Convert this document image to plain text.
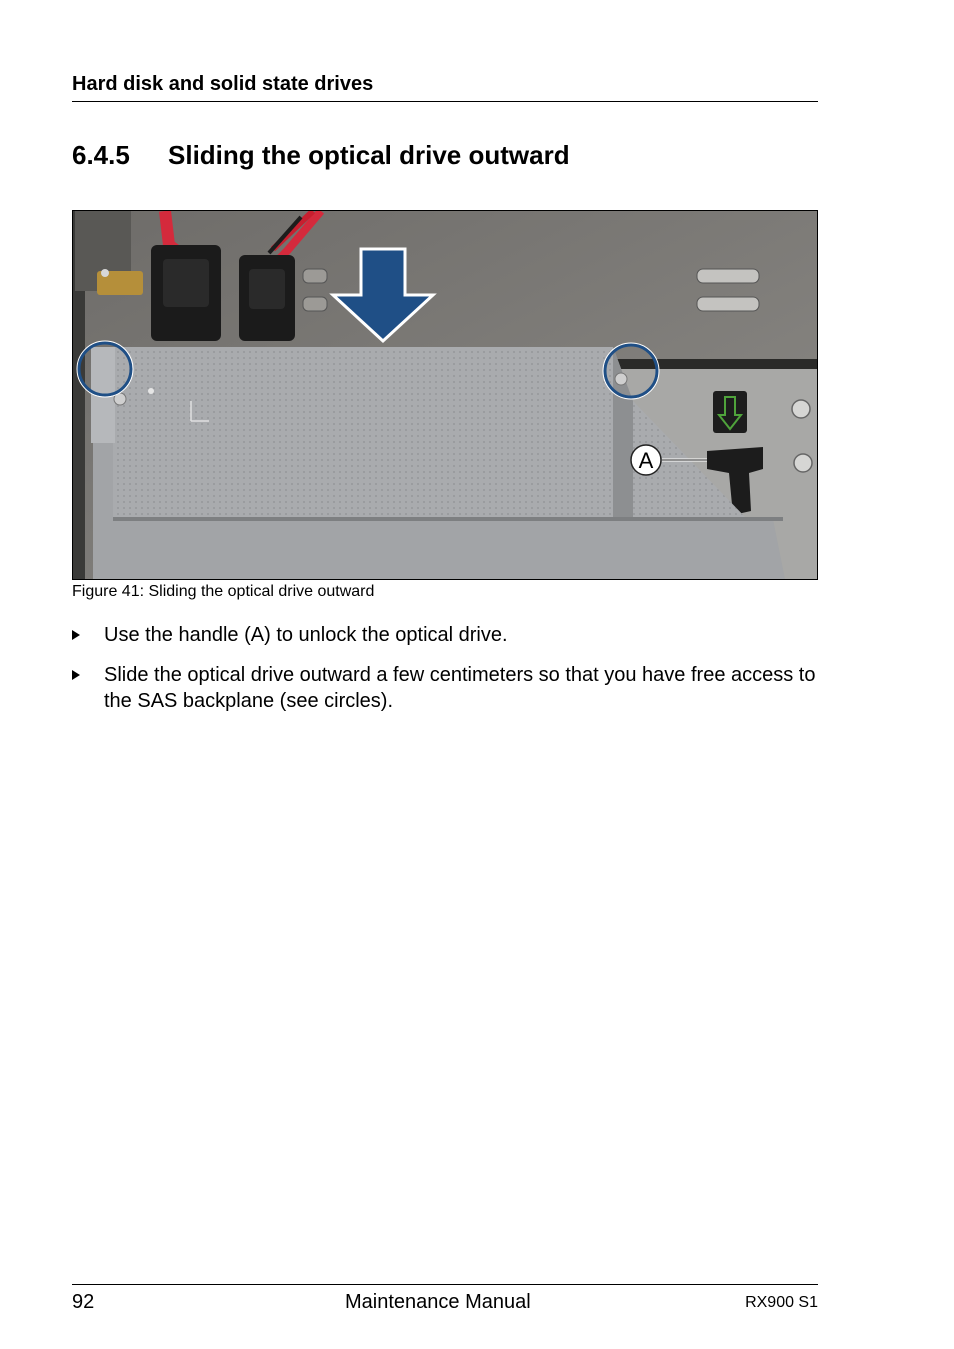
Hard disk and solid state drives
6.4.5 Sliding the optical drive outward
A
Figure 41: Sliding the optical drive outward
Use the handle (A) to unlock the optical drive.
Slide the optical drive outward a few centimeters so that you have free access to the SAS backplane (see circles).
92	Maintenance Manual	RX900 S1
